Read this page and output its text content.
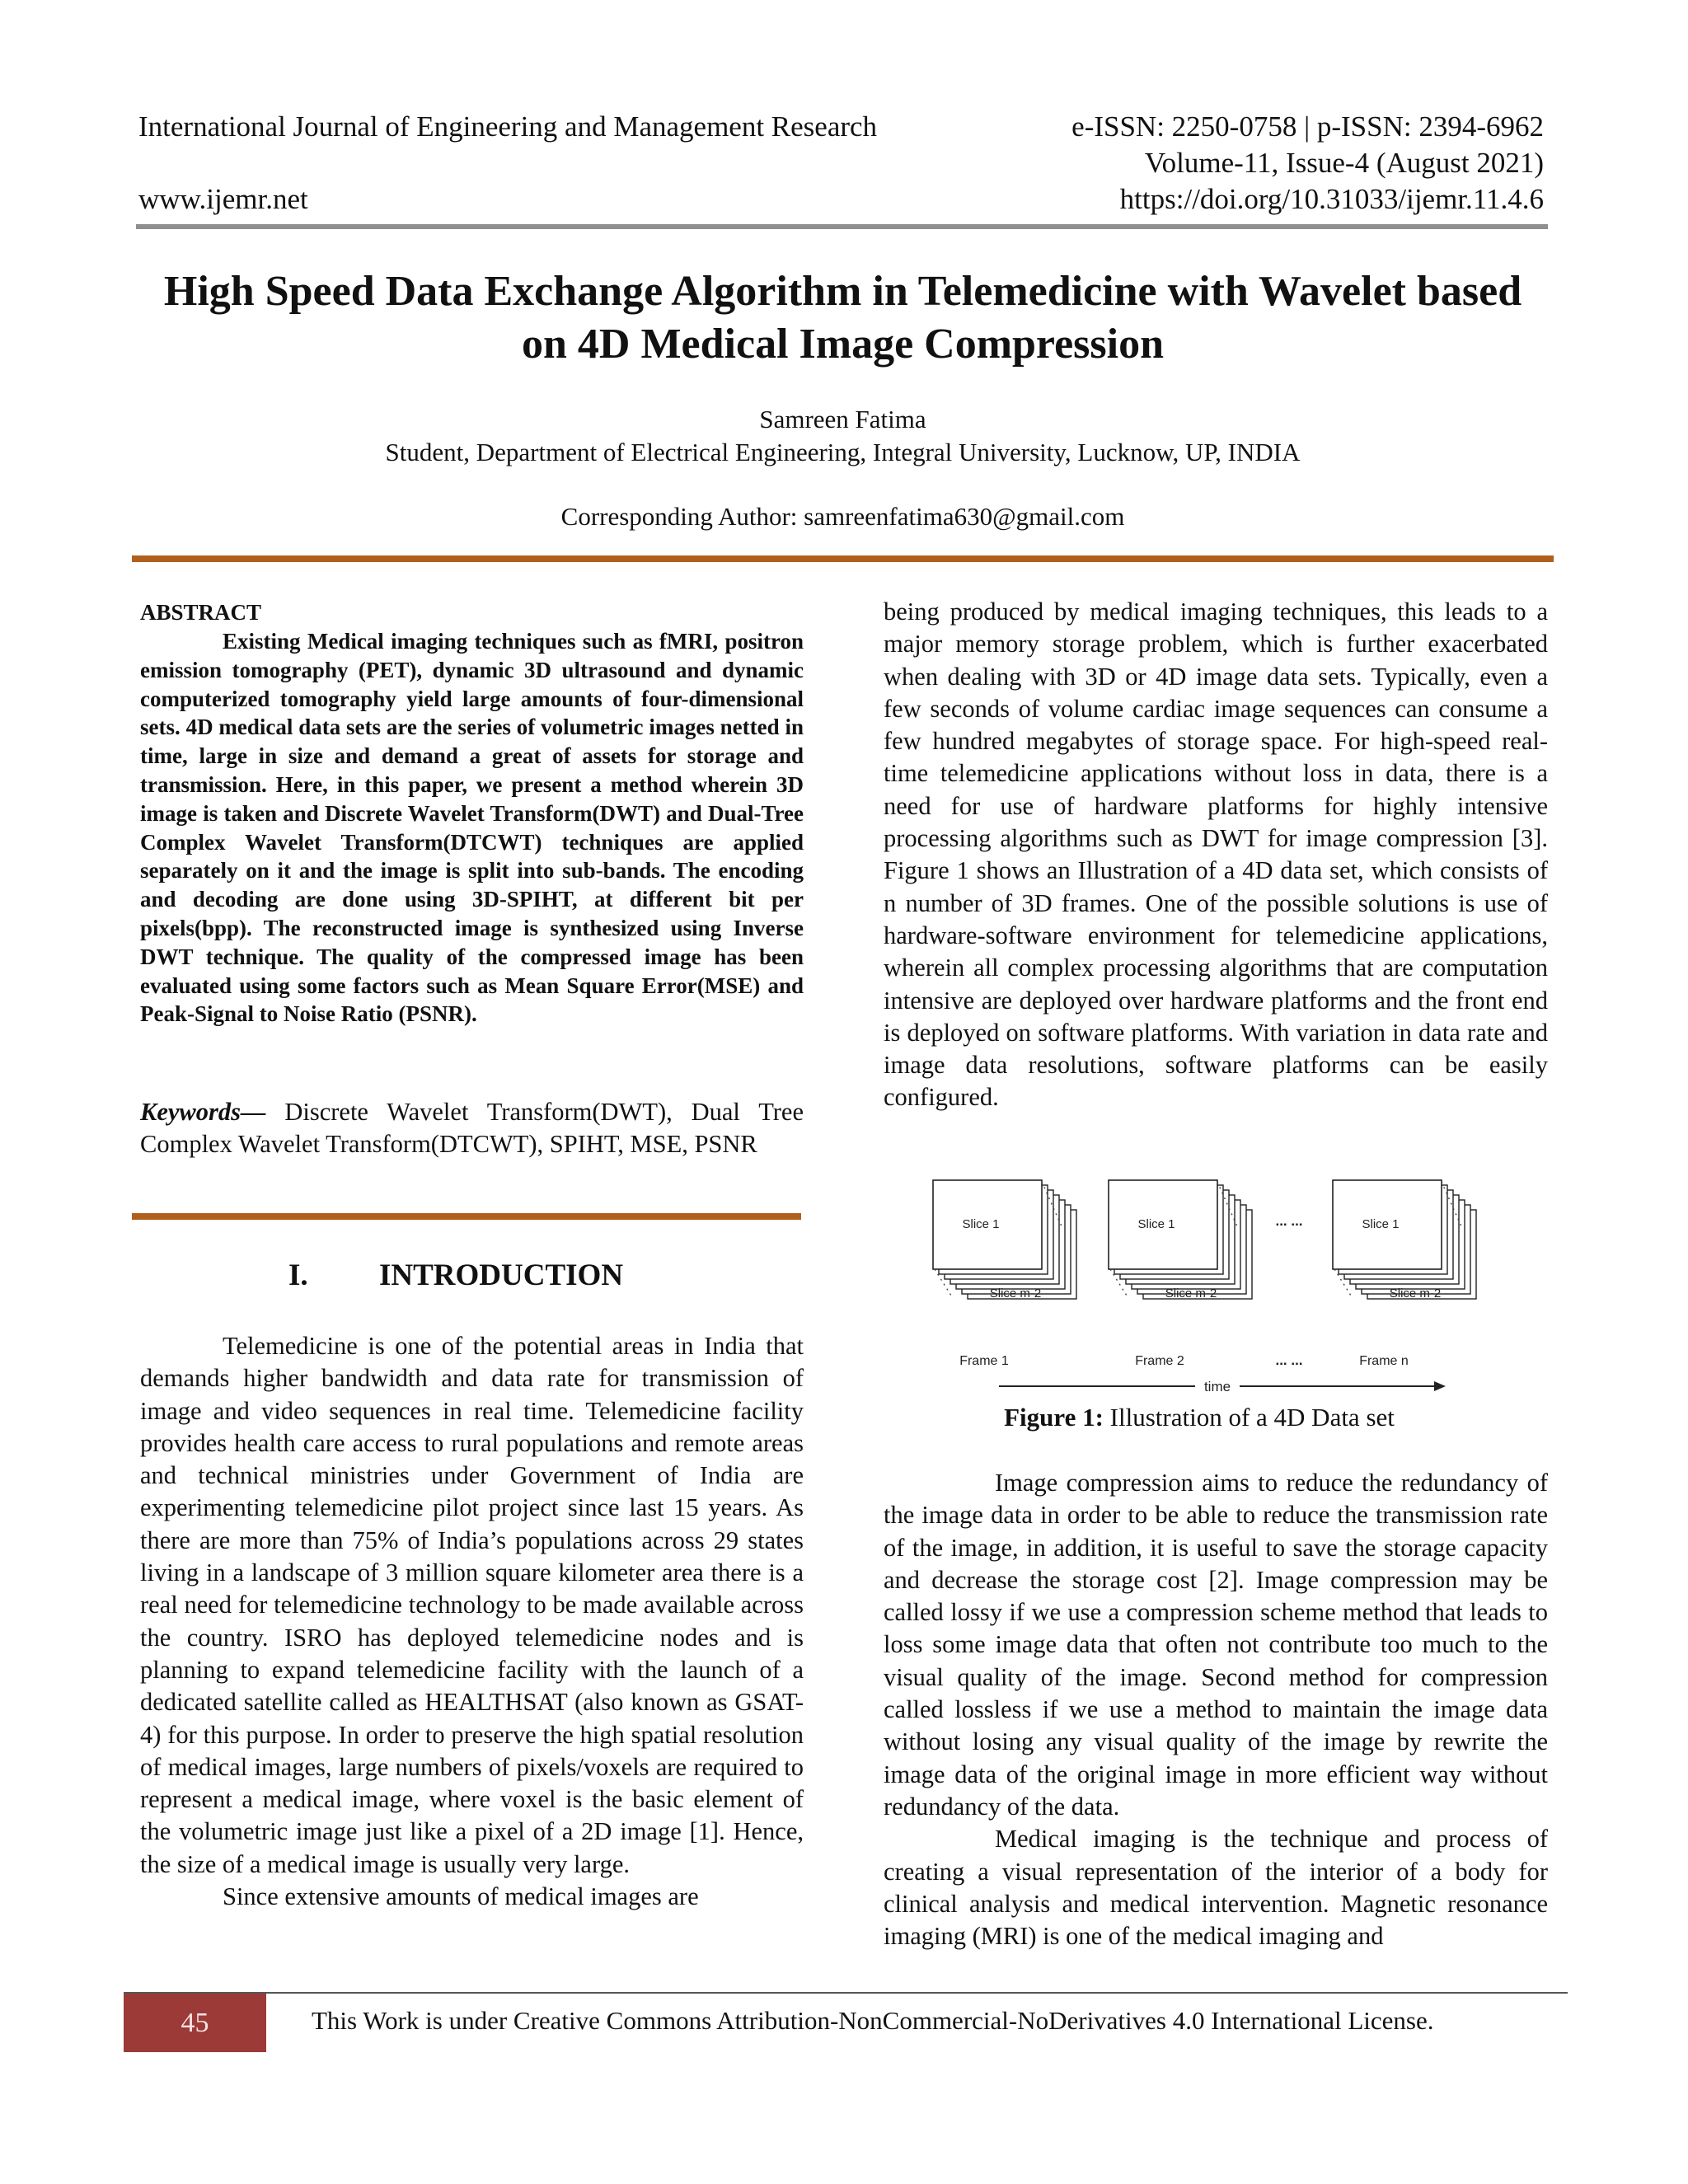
International Journal of Engineering and Management Research	e-ISSN: 2250-0758 | p-ISSN: 2394-6962
Volume-11, Issue-4 (August 2021)
www.ijemr.net	https://doi.org/10.31033/ijemr.11.4.6
High Speed Data Exchange Algorithm in Telemedicine with Wavelet based
on 4D Medical Image Compression
Samreen Fatima
Student, Department of Electrical Engineering, Integral University, Lucknow, UP, INDIA
Corresponding Author: samreenfatima630@gmail.com
ABSTRACT

Existing Medical imaging techniques such as fMRI, positron emission tomography (PET), dynamic 3D ultrasound and dynamic computerized tomography yield large amounts of four-dimensional sets. 4D medical data sets are the series of volumetric images netted in time, large in size and demand a great of assets for storage and transmission. Here, in this paper, we present a method wherein 3D image is taken and Discrete Wavelet Transform(DWT) and Dual-Tree Complex Wavelet Transform(DTCWT) techniques are applied separately on it and the image is split into sub-bands. The encoding and decoding are done using 3D-SPIHT, at different bit per pixels(bpp). The reconstructed image is synthesized using Inverse DWT technique. The quality of the compressed image has been evaluated using some factors such as Mean Square Error(MSE) and Peak-Signal to Noise Ratio (PSNR).

Keywords— Discrete Wavelet Transform(DWT), Dual Tree Complex Wavelet Transform(DTCWT), SPIHT, MSE, PSNR

I. INTRODUCTION

Telemedicine is one of the potential areas in India that demands higher bandwidth and data rate for transmission of image and video sequences in real time. Telemedicine facility provides health care access to rural populations and remote areas and technical ministries under Government of India are experimenting telemedicine pilot project since last 15 years. As there are more than 75% of India’s populations across 29 states living in a landscape of 3 million square kilometer area there is a real need for telemedicine technology to be made available across the country. ISRO has deployed telemedicine nodes and is planning to expand telemedicine facility with the launch of a dedicated satellite called as HEALTHSAT (also known as GSAT-4) for this purpose. In order to preserve the high spatial resolution of medical images, large numbers of pixels/voxels are required to represent a medical image, where voxel is the basic element of the volumetric image just like a pixel of a 2D image [1]. Hence, the size of a medical image is usually very large.

Since extensive amounts of medical images are

being produced by medical imaging techniques, this leads to a major memory storage problem, which is further exacerbated when dealing with 3D or 4D image data sets. Typically, even a few seconds of volume cardiac image sequences can consume a few hundred megabytes of storage space. For high-speed real-time telemedicine applications without loss in data, there is a need for use of hardware platforms for highly intensive processing algorithms such as DWT for image compression [3]. Figure 1 shows an Illustration of a 4D data set, which consists of n number of 3D frames. One of the possible solutions is use of hardware-software environment for telemedicine applications, wherein all complex processing algorithms that are computation intensive are deployed over hardware platforms and the front end is deployed on software platforms. With variation in data rate and image data resolutions, software platforms can be easily configured.

Slice 1
Slice m-2
Frame 1
Slice 1
Slice m-2
Frame 2
Slice 1
Slice m-2
Frame n
... ...
... ...
time
Figure 1: Illustration of a 4D Data set

Image compression aims to reduce the redundancy of the image data in order to be able to reduce the transmission rate of the image, in addition, it is useful to save the storage capacity and decrease the storage cost [2]. Image compression may be called lossy if we use a compression scheme method that leads to loss some image data that often not contribute too much to the visual quality of the image. Second method for compression called lossless if we use a method to maintain the image data without losing any visual quality of the image by rewrite the image data of the original image in more efficient way without redundancy of the data.

Medical imaging is the technique and process of creating a visual representation of the interior of a body for clinical analysis and medical intervention. Magnetic resonance imaging (MRI) is one of the medical imaging and

45	This Work is under Creative Commons Attribution-NonCommercial-NoDerivatives 4.0 International License.
